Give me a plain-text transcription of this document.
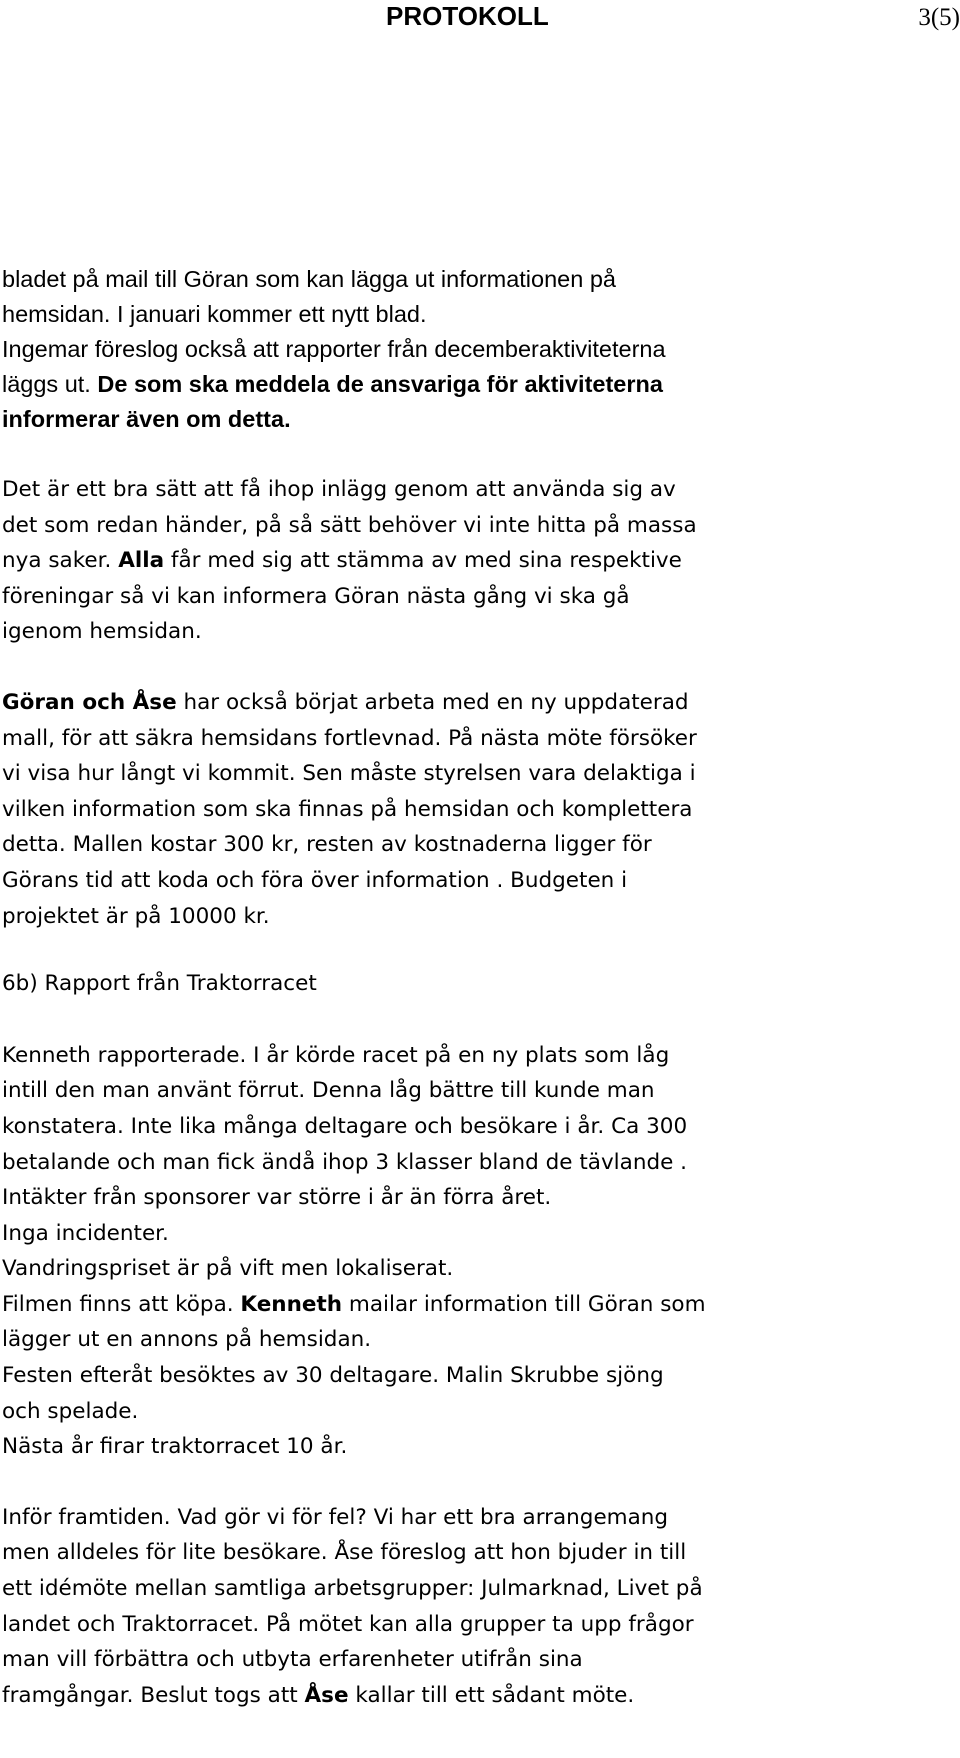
PROTOKOLL	3(5)

bladet på mail till Göran som kan lägga ut informationen på
hemsidan. I januari kommer ett nytt blad.
Ingemar föreslog också att rapporter från decemberaktiviteterna
läggs ut. De som ska meddela de ansvariga för aktiviteterna
informerar även om detta.

Det är ett bra sätt att få ihop inlägg genom att använda sig av
det som redan händer, på så sätt behöver vi inte hitta på massa
nya saker. Alla får med sig att stämma av med sina respektive
föreningar så vi kan informera Göran nästa gång vi ska gå
igenom hemsidan.

Göran och Åse har också börjat arbeta med en ny uppdaterad
mall, för att säkra hemsidans fortlevnad. På nästa möte försöker
vi visa hur långt vi kommit. Sen måste styrelsen vara delaktiga i
vilken information som ska finnas på hemsidan och komplettera
detta. Mallen kostar 300 kr, resten av kostnaderna ligger för
Görans tid att koda och föra över information . Budgeten i
projektet är på 10000 kr.

6b) Rapport från Traktorracet

Kenneth rapporterade. I år körde racet på en ny plats som låg
intill den man använt förrut. Denna låg bättre till kunde man
konstatera. Inte lika många deltagare och besökare i år. Ca 300
betalande och man fick ändå ihop 3 klasser bland de tävlande .
Intäkter från sponsorer var större i år än förra året.
Inga incidenter.
Vandringspriset är på vift men lokaliserat.
Filmen finns att köpa. Kenneth mailar information till Göran som
lägger ut en annons på hemsidan.
Festen efteråt besöktes av 30 deltagare. Malin Skrubbe sjöng
och spelade.
Nästa år firar traktorracet 10 år.

Inför framtiden. Vad gör vi för fel? Vi har ett bra arrangemang
men alldeles för lite besökare. Åse föreslog att hon bjuder in till
ett idémöte mellan samtliga arbetsgrupper: Julmarknad, Livet på
landet och Traktorracet. På mötet kan alla grupper ta upp frågor
man vill förbättra och utbyta erfarenheter utifrån sina
framgångar. Beslut togs att Åse kallar till ett sådant möte.
